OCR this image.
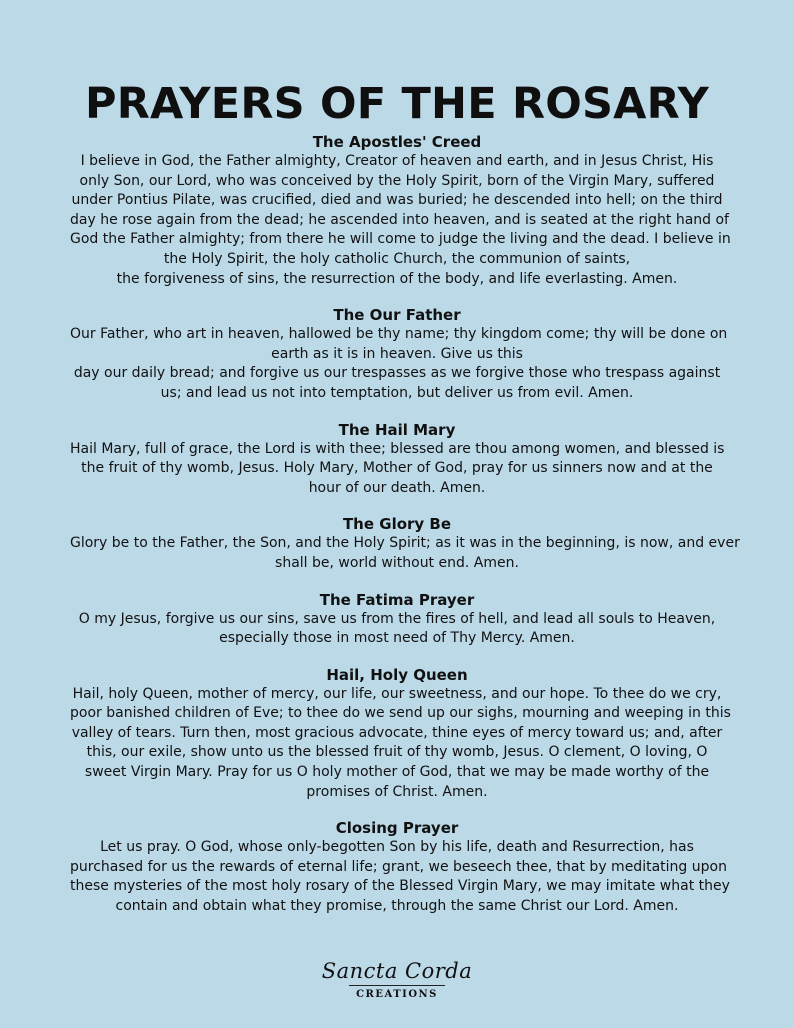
PRAYERS OF THE ROSARY
The Apostles' Creed
I believe in God, the Father almighty, Creator of heaven and earth, and in Jesus Christ, His
only Son, our Lord, who was conceived by the Holy Spirit, born of the Virgin Mary, suffered
under Pontius Pilate, was crucified, died and was buried; he descended into hell; on the third
day he rose again from the dead; he ascended into heaven, and is seated at the right hand of
God the Father almighty; from there he will come to judge the living and the dead. I believe in
the Holy Spirit, the holy catholic Church, the communion of saints,
the forgiveness of sins, the resurrection of the body, and life everlasting. Amen.
The Our Father
Our Father, who art in heaven, hallowed be thy name; thy kingdom come; thy will be done on
earth as it is in heaven. Give us this
day our daily bread; and forgive us our trespasses as we forgive those who trespass against
us; and lead us not into temptation, but deliver us from evil. Amen.
The Hail Mary
Hail Mary, full of grace, the Lord is with thee; blessed are thou among women, and blessed is
the fruit of thy womb, Jesus. Holy Mary, Mother of God, pray for us sinners now and at the
hour of our death. Amen.
The Glory Be
Glory be to the Father, the Son, and the Holy Spirit; as it was in the beginning, is now, and ever
shall be, world without end. Amen.
The Fatima Prayer
O my Jesus, forgive us our sins, save us from the fires of hell, and lead all souls to Heaven,
especially those in most need of Thy Mercy. Amen.
Hail, Holy Queen
Hail, holy Queen, mother of mercy, our life, our sweetness, and our hope. To thee do we cry,
poor banished children of Eve; to thee do we send up our sighs, mourning and weeping in this
valley of tears. Turn then, most gracious advocate, thine eyes of mercy toward us; and, after
this, our exile, show unto us the blessed fruit of thy womb, Jesus. O clement, O loving, O
sweet Virgin Mary. Pray for us O holy mother of God, that we may be made worthy of the
promises of Christ. Amen.
Closing Prayer
Let us pray. O God, whose only-begotten Son by his life, death and Resurrection, has
purchased for us the rewards of eternal life; grant, we beseech thee, that by meditating upon
these mysteries of the most holy rosary of the Blessed Virgin Mary, we may imitate what they
contain and obtain what they promise, through the same Christ our Lord. Amen.
Sancta Corda
CREATIONS
